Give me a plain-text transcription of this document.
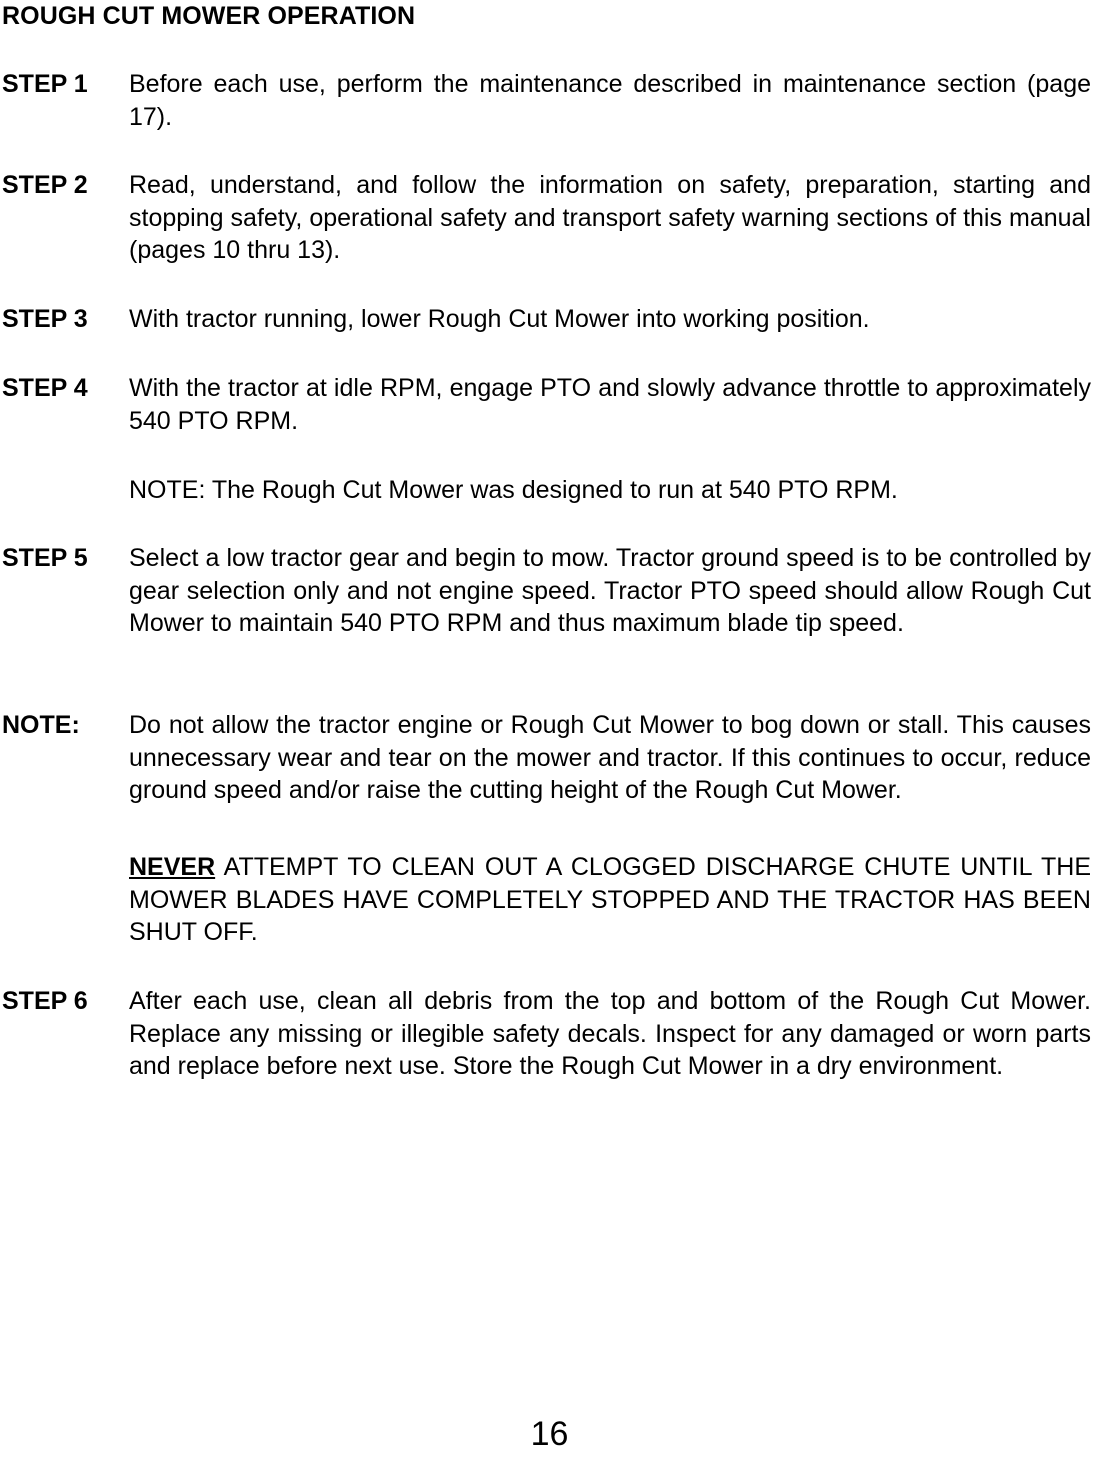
ROUGH CUT MOWER OPERATION
STEP 1 Before each use, perform the maintenance described in maintenance section (page 17).
STEP 2 Read, understand, and follow the information on safety, preparation, starting and stopping safety, operational safety and transport safety warning sections of this manual (pages 10 thru 13).
STEP 3 With tractor running, lower Rough Cut Mower into working position.
STEP 4 With the tractor at idle RPM, engage PTO and slowly advance throttle to approximately 540 PTO RPM.
NOTE: The Rough Cut Mower was designed to run at 540 PTO RPM.
STEP 5 Select a low tractor gear and begin to mow. Tractor ground speed is to be controlled by gear selection only and not engine speed. Tractor PTO speed should allow Rough Cut Mower to maintain 540 PTO RPM and thus maximum blade tip speed.
NOTE: Do not allow the tractor engine or Rough Cut Mower to bog down or stall. This causes unnecessary wear and tear on the mower and tractor. If this continues to occur, reduce ground speed and/or raise the cutting height of the Rough Cut Mower.
NEVER ATTEMPT TO CLEAN OUT A CLOGGED DISCHARGE CHUTE UNTIL THE MOWER BLADES HAVE COMPLETELY STOPPED AND THE TRACTOR HAS BEEN SHUT OFF.
STEP 6 After each use, clean all debris from the top and bottom of the Rough Cut Mower. Replace any missing or illegible safety decals. Inspect for any damaged or worn parts and replace before next use. Store the Rough Cut Mower in a dry environment.
16
